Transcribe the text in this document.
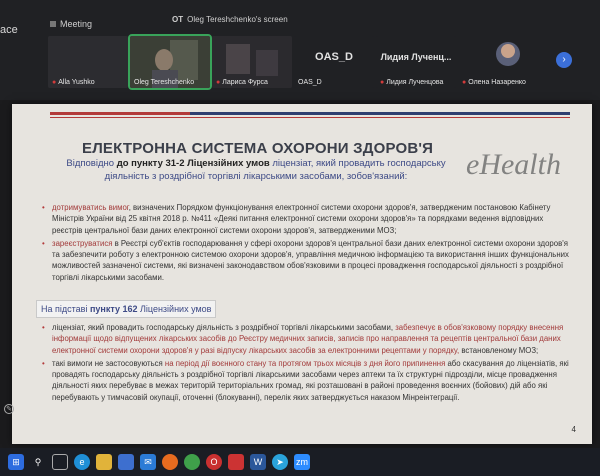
ace	Meeting	OT Oleg Tereshchenko's screen
● Alla Yushko	Oleg Tereshchenko	● Лариса Фурса
OAS_D
OAS_D
Лидия Лученц...
● Лидия Лученцова	● Олена Назаренко
›
ЕЛЕКТРОННА СИСТЕМА ОХОРОНИ ЗДОРОВ'Я eHealth
Відповідно до пункту 31-2 Ліцензійних умов ліцензіат, який провадить господарську діяльність з роздрібної торгівлі лікарськими засобами, зобов'язаний:
• дотримуватись вимог, визначених Порядком функціонування електронної системи охорони здоров'я, затвердженим постановою Кабінету Міністрів України від 25 квітня 2018 р. №411 «Деякі питання електронної системи охорони здоров'я» та порядками ведення відповідних реєстрів центральної бази даних електронної системи охорони здоров'я, затвердженими МОЗ;
• зареєструватися в Реєстрі суб'єктів господарювання у сфері охорони здоров'я центральної бази даних електронної системи охорони здоров'я та забезпечити роботу з електронною системою охорони здоров'я, управління медичною інформацією та використання інших функціональних можливостей зазначеної системи, які визначені законодавством обов'язковими в процесі провадження господарської діяльності з роздрібної торгівлі лікарськими засобами.
На підставі пункту 162 Ліцензійних умов
• ліцензіат, який провадить господарську діяльність з роздрібної торгівлі лікарськими засобами, забезпечує в обов'язковому порядку внесення інформації щодо відпущених лікарських засобів до Реєстру медичних записів, записів про направлення та рецептів центральної бази даних електронної системи охорони здоров'я у разі відпуску лікарських засобів за електронними рецептами у порядку, встановленому МОЗ;
• такі вимоги не застосовуються на період дії воєнного стану та протягом трьох місяців з дня його припинення або скасування до ліцензіатів, які провадять господарську діяльність з роздрібної торгівлі лікарськими засобами через аптеки та їх структурні підрозділи, місце провадження діяльності яких перебуває в межах територій територіальних громад, які розташовані в районі проведення воєнних (бойових) дій або які перебувають у тимчасовій окупації, оточенні (блокуванні), перелік яких затверджується наказом Мінреінтеграції.
4
✎
⊞	⚲	e	✉	O	W	➤	zm
